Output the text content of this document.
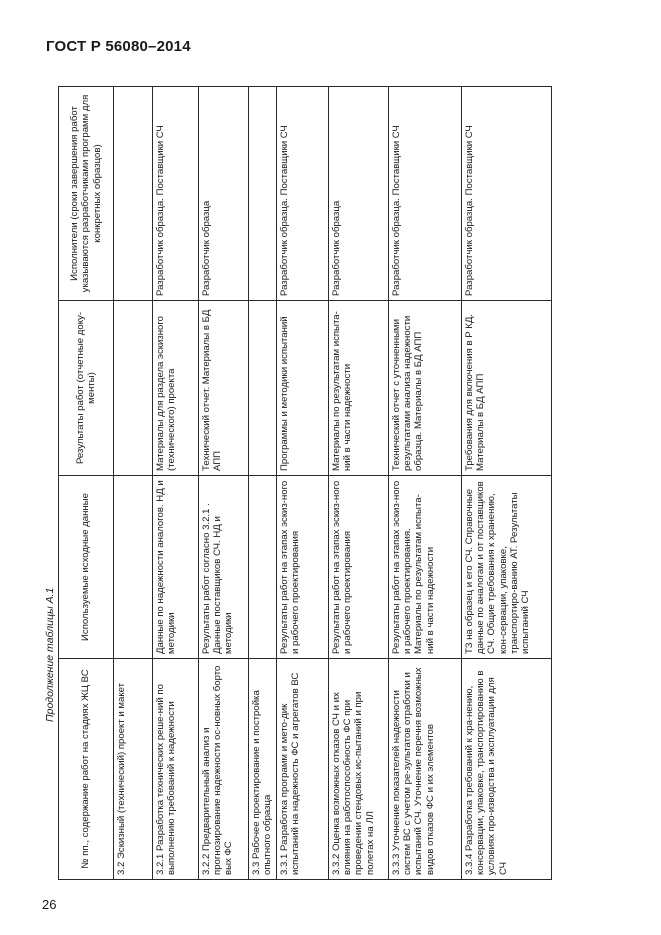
ГОСТ Р 56080–2014
Продолжение таблицы А.1
№ пп., содержание работ на стадиях ЖЦ ВС	Используемые исходные данные	Результаты работ (отчетные доку-менты)	Исполнители (сроки завершения работ указываются разработчиками программ для конкретных образцов)
3.2 Эскизный (технический) проект и макет			
3.2.1 Разработка технических реше-ний по выполнению требований к надежности	Данные по надежности аналогов. НД и методики	Материалы для раздела эскизного (технического) проекта	Разработчик образца. Поставщики СЧ
3.2.2 Предварительный анализ и прогнозирование надежности ос-новных борто вых ФС	Результаты работ согласно 3.2.1 . Данные поставщиков СЧ. НД и методики	Технический отчет. Материалы в БД АПП	Разработчик образца
3.3 Рабочее проектирование и постройка опытного образца			
3.3.1 Разработка программ и мето-дик испытаний на надежность ФС и агрегатов ВС	Результаты работ на этапах эскиз-ного и рабочего проектирования	Программы и методики испытаний	Разработчик образца. Поставщики СЧ
3.3.2 Оценка возможных отказов СЧ и их влияния на работоспособность ФС при проведении стендовых ис-пытаний и при полетах на ЛЛ	Результаты работ на этапах эскиз-ного и рабочего проектирования	Материалы по результатам испыта-ний в части надежности	Разработчик образца
3.3.3 Уточнение показателей надежности систем ВС с учетом ре-зультатов отработки и испытаний СЧ. Уточнение перечня возможных видов отказов ФС и их элементов	Результаты работ на этапах эскиз-ного и рабочего проектирования. Материалы по результатам испыта-ний в части надежности	Технический отчет с уточненными результатами анализа надежности образца. Материалы в БД АПП	Разработчик образца. Поставщики СЧ
3.3.4 Разработка требований к хра-нению, консервации, упаковке, транспортированию в условиях про-изводства и эксплуатации для СЧ	ТЗ на образец и его СЧ. Справочные данные по аналогам и от поставщиков СЧ. Общие требования к хранению, кон-сервации, упаковке, транспортиро-ванию АТ. Результаты испытаний СЧ	Требования для включения в Р КД. Материалы в БД АПП	Разработчик образца. Поставщики СЧ
26
